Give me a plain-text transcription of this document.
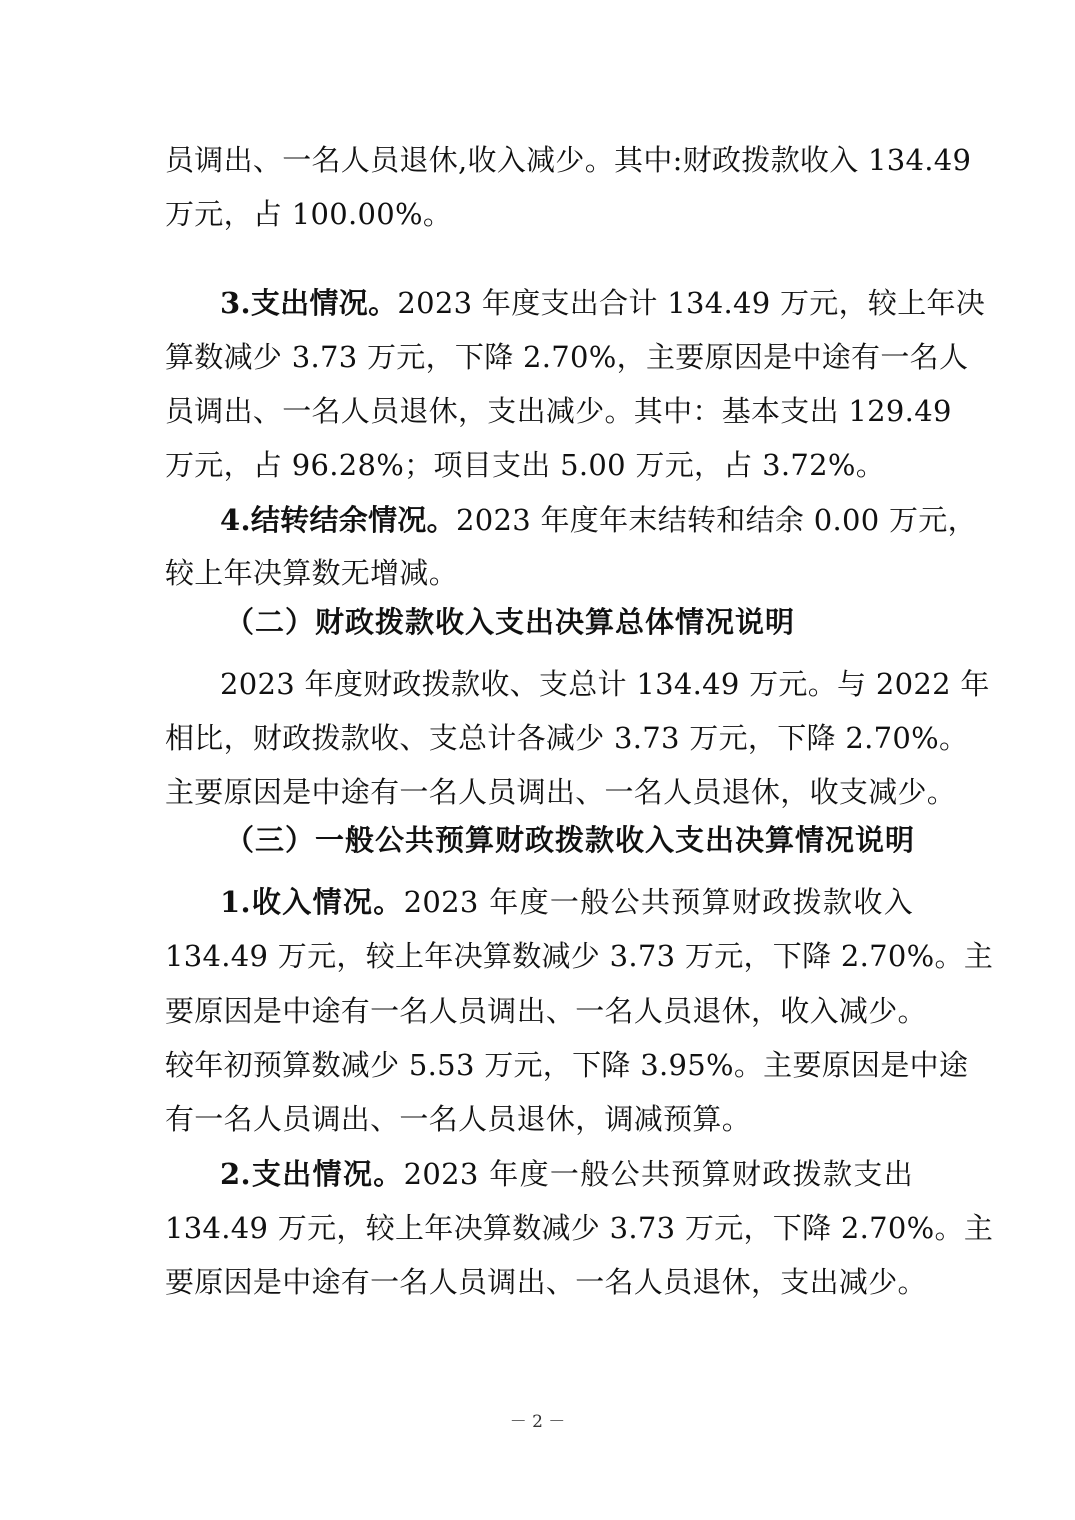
员调出、一名人员退休,收入减少。其中:财政拨款收入 134.49
万元，占 100.00%。
3.支出情况。2023 年度支出合计 134.49 万元，较上年决
算数减少 3.73 万元，下降 2.70%，主要原因是中途有一名人
员调出、一名人员退休，支出减少。其中：基本支出 129.49
万元，占 96.28%；项目支出 5.00 万元，占 3.72%。
4.结转结余情况。2023 年度年末结转和结余 0.00 万元，
较上年决算数无增减。
（二）财政拨款收入支出决算总体情况说明
2023 年度财政拨款收、支总计 134.49 万元。与 2022 年
相比，财政拨款收、支总计各减少 3.73 万元，下降 2.70%。
主要原因是中途有一名人员调出、一名人员退休，收支减少。
（三）一般公共预算财政拨款收入支出决算情况说明
1.收入情况。2023 年度一般公共预算财政拨款收入
134.49 万元，较上年决算数减少 3.73 万元，下降 2.70%。主
要原因是中途有一名人员调出、一名人员退休，收入减少。
较年初预算数减少 5.53 万元，下降 3.95%。主要原因是中途
有一名人员调出、一名人员退休，调减预算。
2.支出情况。2023 年度一般公共预算财政拨款支出
134.49 万元，较上年决算数减少 3.73 万元，下降 2.70%。主
要原因是中途有一名人员调出、一名人员退休，支出减少。
－ 2 －
